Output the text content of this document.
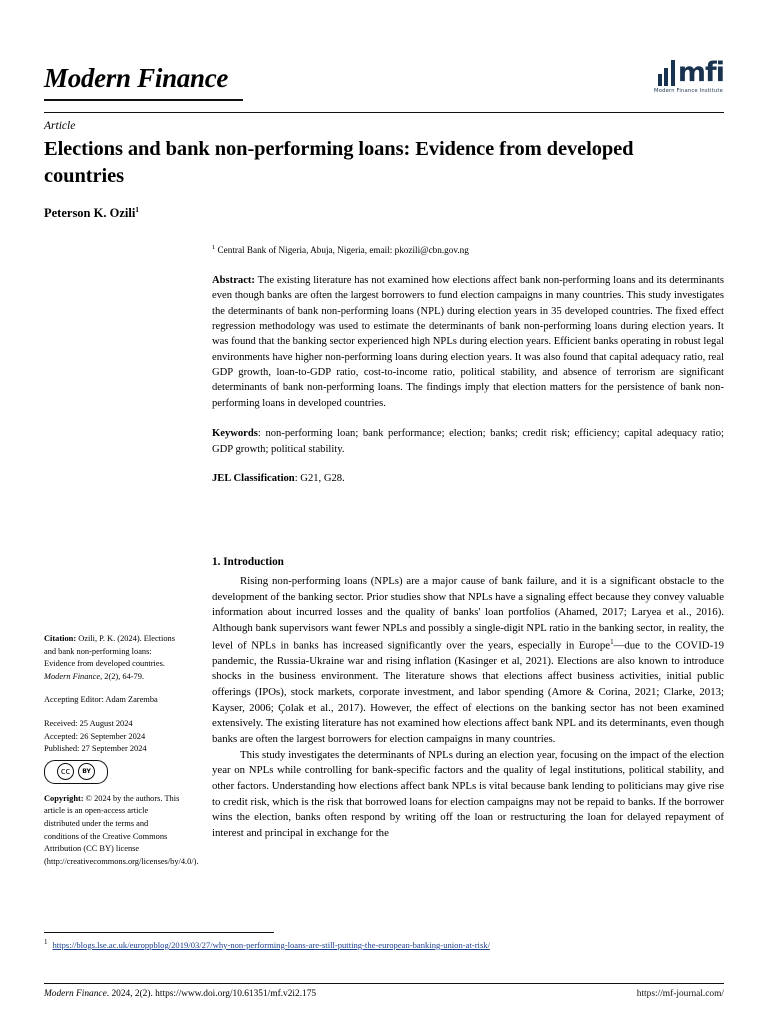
Modern Finance	mfi
Modern Finance Institute
Article
Elections and bank non-performing loans: Evidence from developed countries
Peterson K. Ozili$^1$
$^1$ Central Bank of Nigeria, Abuja, Nigeria, email: pkozili@cbn.gov.ng
Abstract: The existing literature has not examined how elections affect bank non-performing loans and its determinants even though banks are often the largest borrowers to fund election campaigns in many countries. This study investigates the determinants of bank non-performing loans (NPL) during election years in 35 developed countries. The fixed effect regression methodology was used to estimate the determinants of bank non-performing loans during election years. It was found that the banking sector experienced high NPLs during election years. Efficient banks operating in robust legal environments have higher non-performing loans during election years. It was also found that capital adequacy ratio, real GDP growth, loan-to-GDP ratio, cost-to-income ratio, political stability, and absence of terrorism are significant determinants of bank non-performing loans. The findings imply that election matters for the persistence of bank non-performing loans in developed countries.
Keywords: non-performing loan; bank performance; election; banks; credit risk; efficiency; capital adequacy ratio; GDP growth; political stability.
JEL Classification: G21, G28.
1. Introduction

Rising non-performing loans (NPLs) are a major cause of bank failure, and it is a significant obstacle to the development of the banking sector. Prior studies show that NPLs have a signaling effect because they convey valuable information about incurred losses and the quality of banks' loan portfolios (Ahamed, 2017; Laryea et al., 2016). Although bank supervisors want fewer NPLs and possibly a single-digit NPL ratio in the banking sector, in reality, the level of NPLs in banks has increased significantly over the years, especially in Europe$^1$—due to the COVID-19 pandemic, the Russia-Ukraine war and rising inflation (Kasinger et al, 2021). Elections are also known to introduce shocks in the business environment. The literature shows that elections affect business activities, initial public offerings (IPOs), stock markets, corporate investment, and labor spending (Amore & Corina, 2021; Clarke, 2013; Kayser, 2006; Çolak et al., 2017). However, the effect of elections on the banking sector has not been examined extensively. The existing literature has not examined how elections affect bank NPL and its determinants, even though banks are often the largest borrowers for election campaigns in many countries.

This study investigates the determinants of NPLs during an election year, focusing on the impact of the election year on NPLs while controlling for bank-specific factors and the quality of legal institutions, political stability, and other factors. Understanding how elections affect bank NPLs is vital because bank lending to politicians may give rise to credit risk, which is the risk that borrowed loans for election campaigns may not be repaid to banks. If the borrower wins the election, banks often respond by writing off the loan or restructuring the loan for delayed repayment of interest and principal in exchange for the

Citation: Ozili, P. K. (2024). Elections and bank non-performing loans: Evidence from developed countries. Modern Finance, 2(2), 64-79.
Accepting Editor: Adam Zaremba
Received: 25 August 2024
Accepted: 26 September 2024
Published: 27 September 2024
cc	BY
Copyright: © 2024 by the authors. This article is an open-access article distributed under the terms and conditions of the Creative Commons Attribution (CC BY) license (http://creativecommons.org/licenses/by/4.0/).
$^1$ https://blogs.lse.ac.uk/europpblog/2019/03/27/why-non-performing-loans-are-still-putting-the-european-banking-union-at-risk/
Modern Finance. 2024, 2(2). https://www.doi.org/10.61351/mf.v2i2.175	https://mf-journal.com/
